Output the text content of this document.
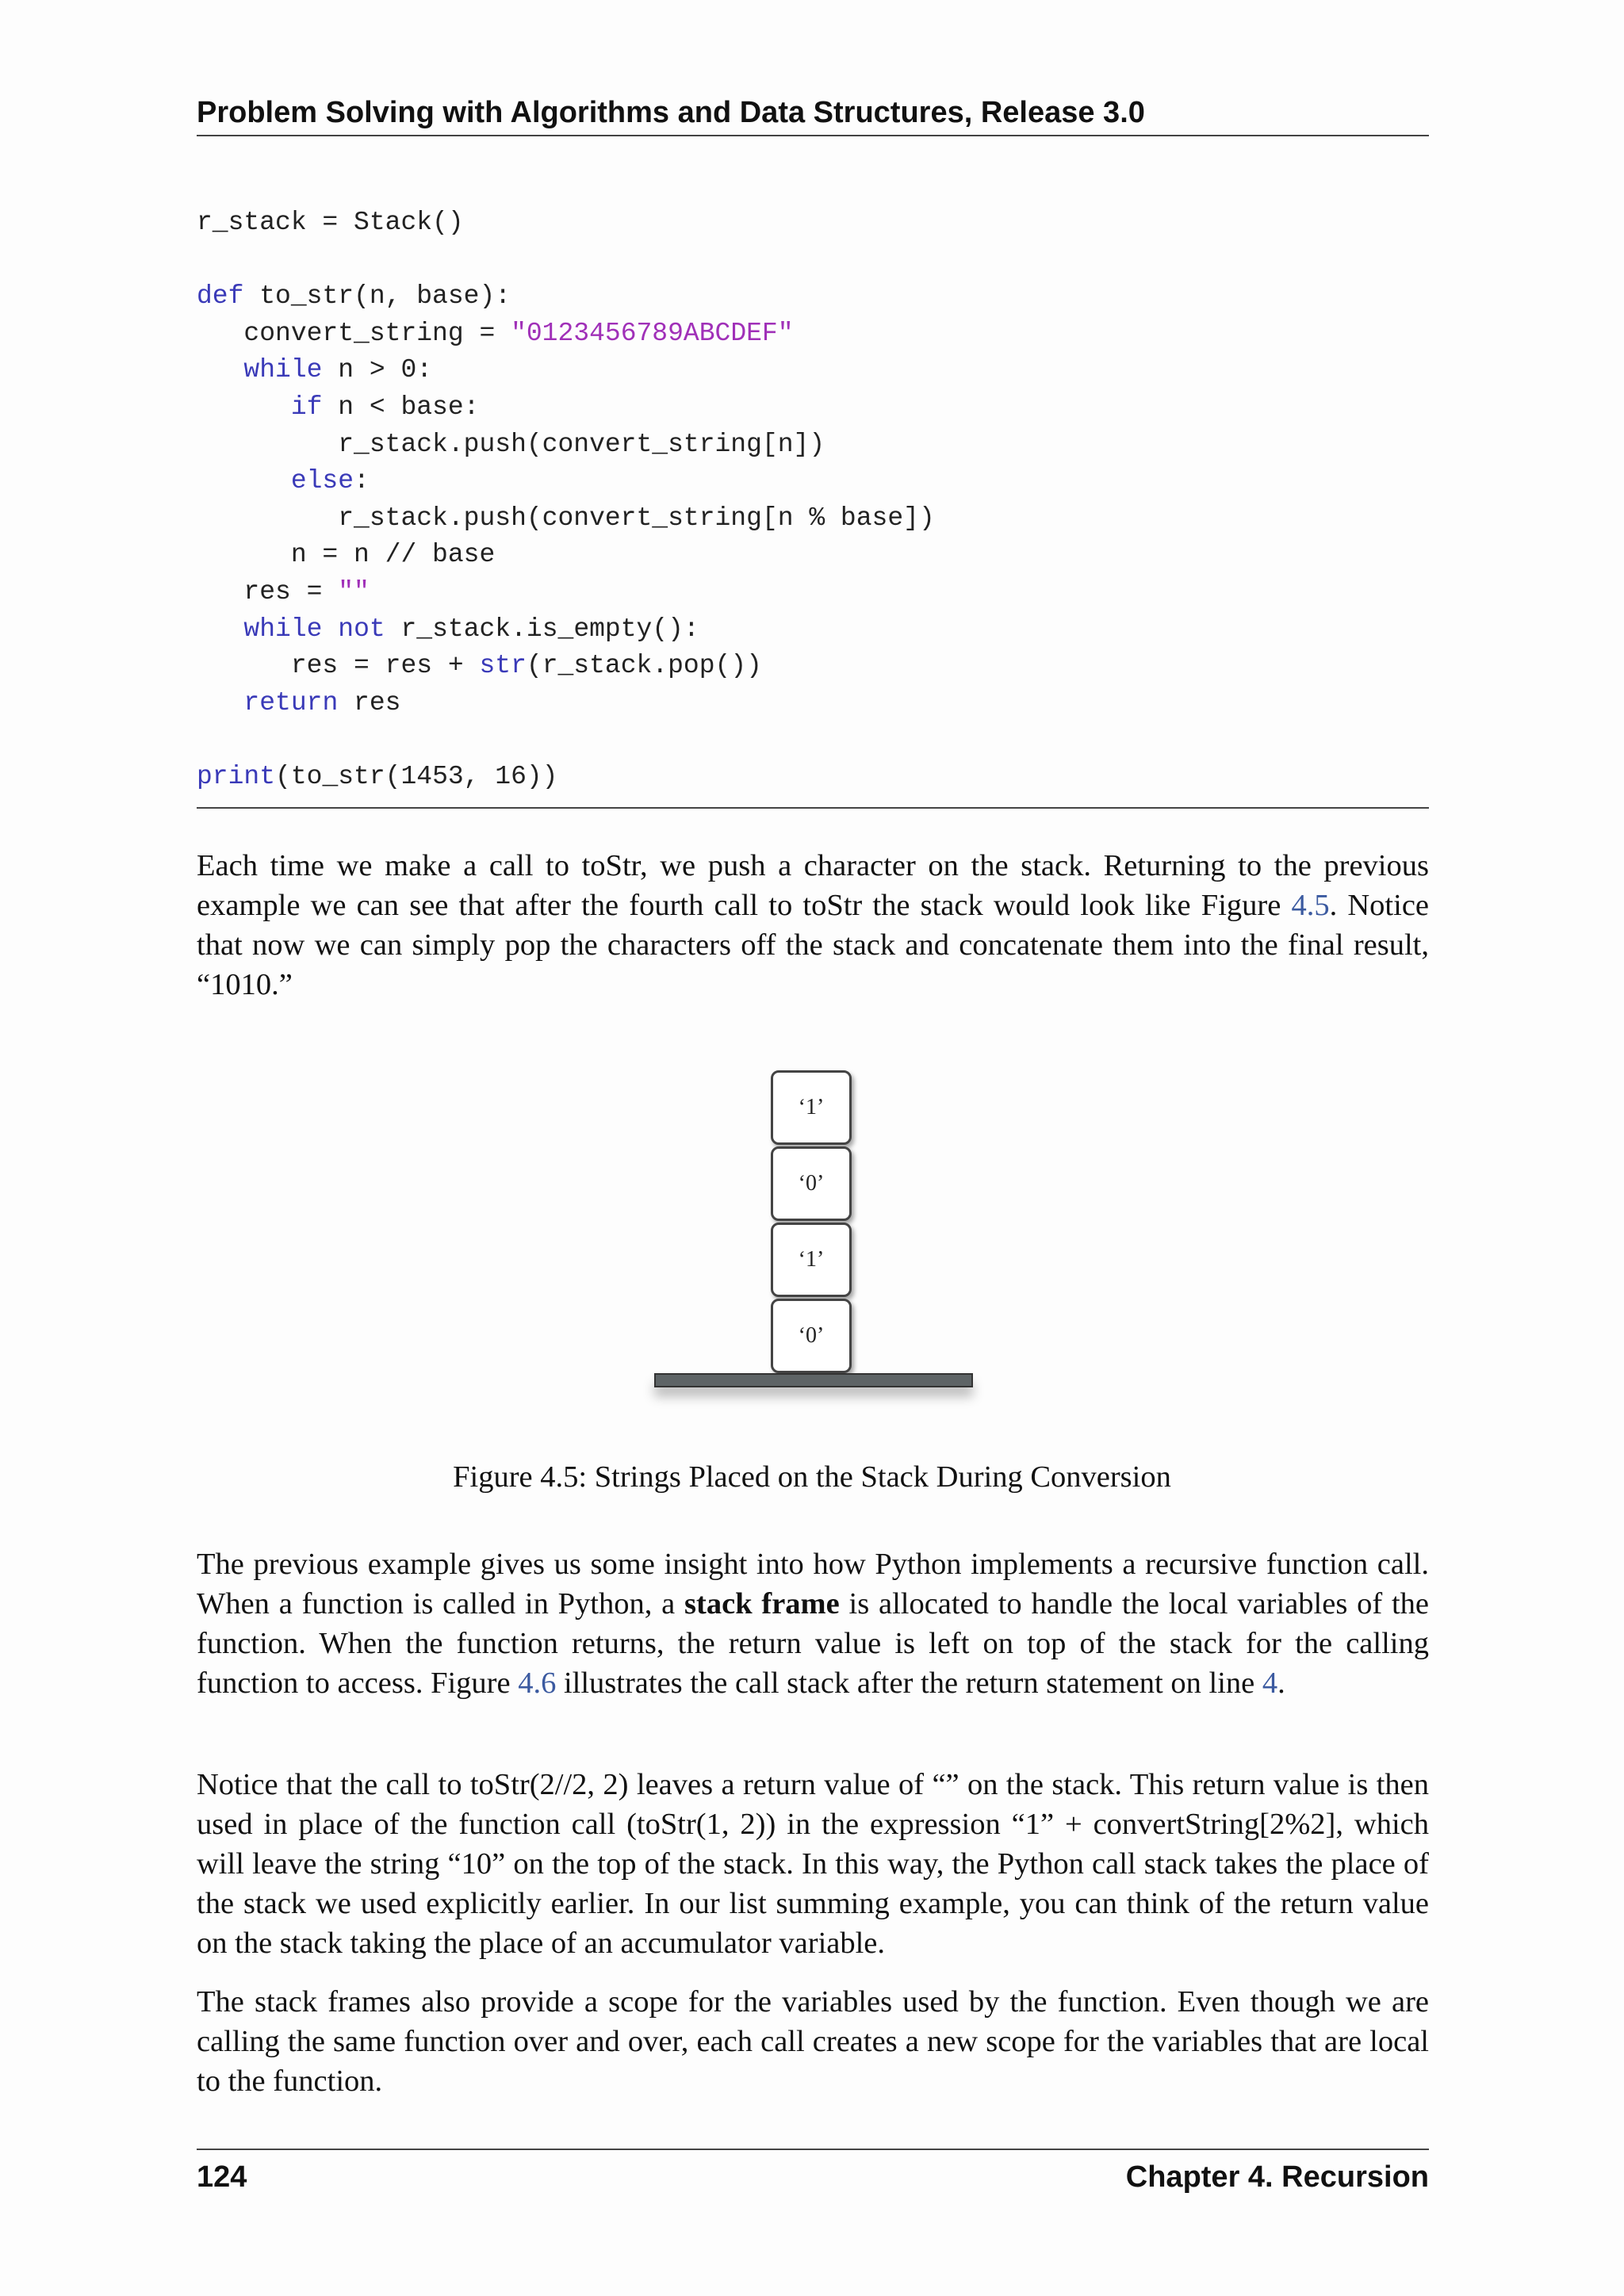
Problem Solving with Algorithms and Data Structures, Release 3.0
r_stack = Stack()

def to_str(n, base):
convert_string = "0123456789ABCDEF"
while n > 0:
if n < base:
r_stack.push(convert_string[n])
else:
r_stack.push(convert_string[n % base])
n = n // base
res = ""
while not r_stack.is_empty():
res = res + str(r_stack.pop())
return res

print(to_str(1453, 16))

Each time we make a call to toStr, we push a character on the stack. Returning to the previous example we can see that after the fourth call to toStr the stack would look like Figure 4.5. Notice that now we can simply pop the characters off the stack and concatenate them into the final result, “1010.”

‘1’
‘0’
‘1’
‘0’
Figure 4.5: Strings Placed on the Stack During Conversion

The previous example gives us some insight into how Python implements a recursive function call. When a function is called in Python, a stack frame is allocated to handle the local variables of the function. When the function returns, the return value is left on top of the stack for the calling function to access. Figure 4.6 illustrates the call stack after the return statement on line 4.

Notice that the call to toStr(2//2, 2) leaves a return value of “” on the stack. This return value is then used in place of the function call (toStr(1, 2)) in the expression “1” + convertString[2%2], which will leave the string “10” on the top of the stack. In this way, the Python call stack takes the place of the stack we used explicitly earlier. In our list summing example, you can think of the return value on the stack taking the place of an accumulator variable.

The stack frames also provide a scope for the variables used by the function. Even though we are calling the same function over and over, each call creates a new scope for the variables that are local to the function.

124	Chapter 4. Recursion
